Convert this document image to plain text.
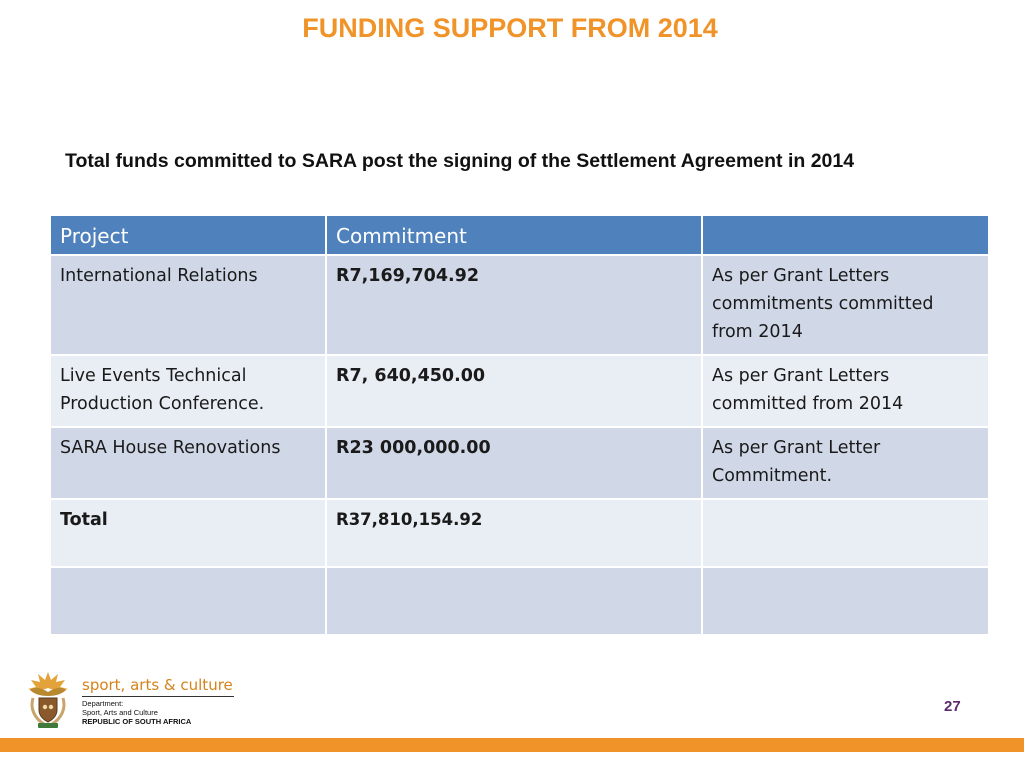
FUNDING SUPPORT FROM 2014
Total funds committed to SARA post the signing of the Settlement Agreement in 2014
Project	Commitment	
International Relations	R7,169,704.92	As per Grant Letters commitments committed from 2014
Live Events Technical Production Conference.	R7, 640,450.00	As per Grant Letters committed from 2014
SARA House Renovations	R23 000,000.00	As per Grant Letter Commitment.
Total	R37,810,154.92	

sport, arts & culture
Department:
Sport, Arts and Culture
REPUBLIC OF SOUTH AFRICA
27
